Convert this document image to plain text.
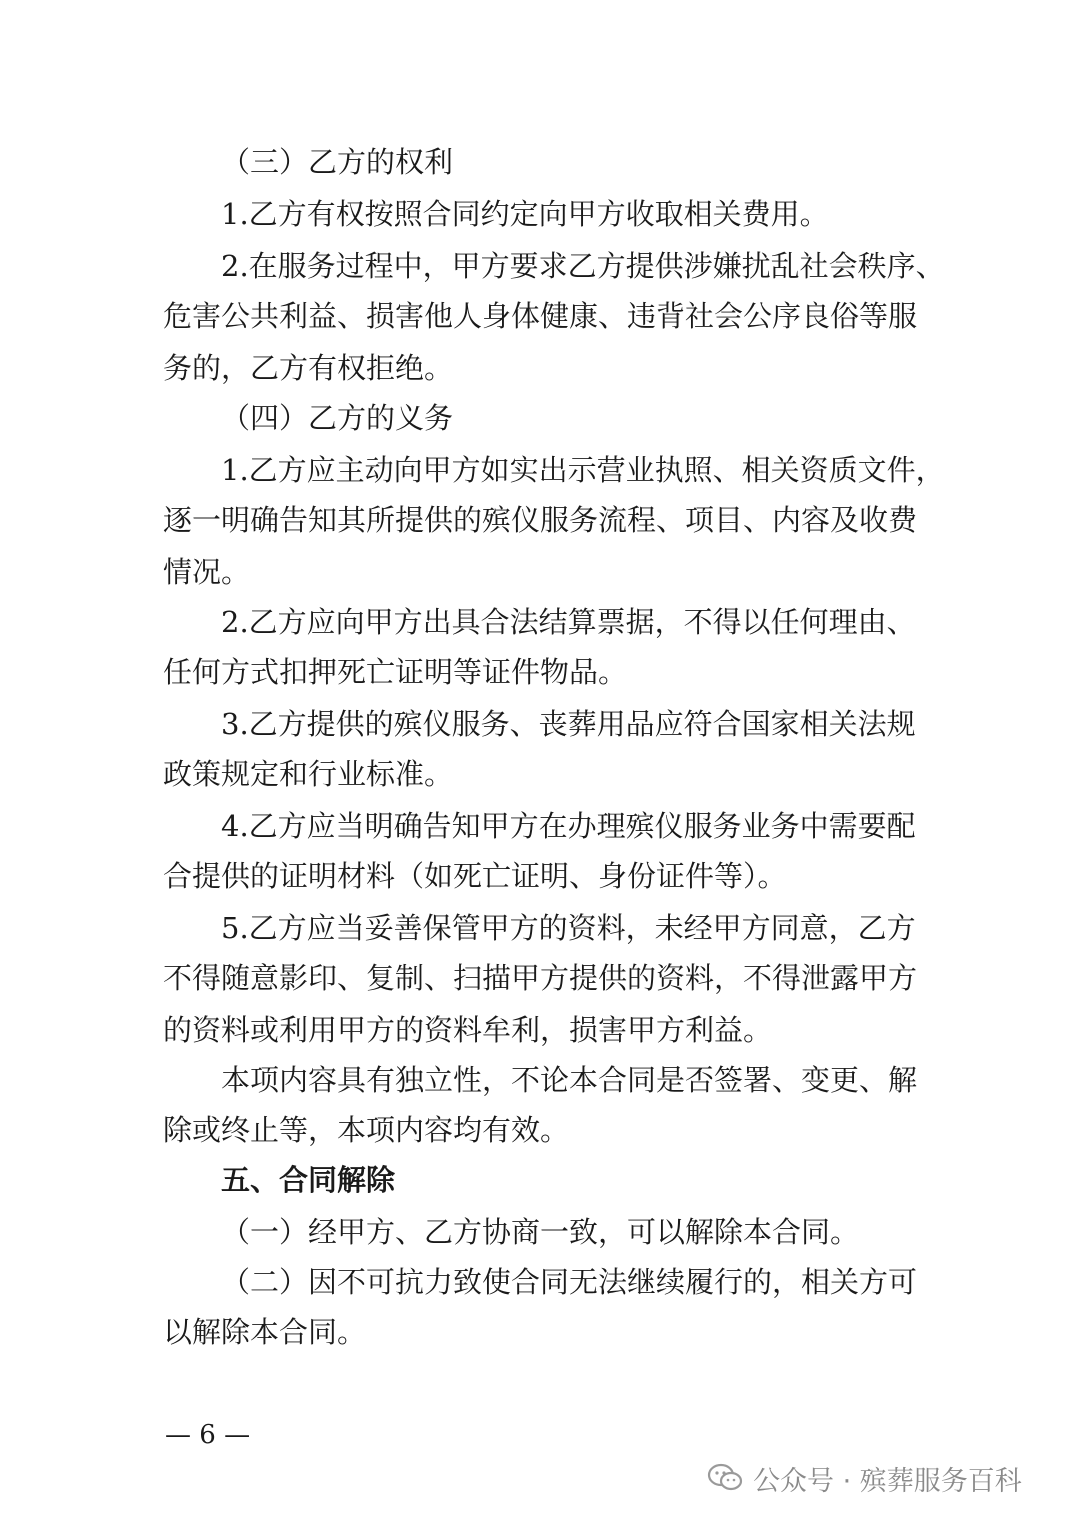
（三）乙方的权利
1.乙方有权按照合同约定向甲方收取相关费用。
2.在服务过程中，甲方要求乙方提供涉嫌扰乱社会秩序、
危害公共利益、损害他人身体健康、违背社会公序良俗等服
务的，乙方有权拒绝。
（四）乙方的义务
1.乙方应主动向甲方如实出示营业执照、相关资质文件，
逐一明确告知其所提供的殡仪服务流程、项目、内容及收费
情况。
2.乙方应向甲方出具合法结算票据，不得以任何理由、
任何方式扣押死亡证明等证件物品。
3.乙方提供的殡仪服务、丧葬用品应符合国家相关法规
政策规定和行业标准。
4.乙方应当明确告知甲方在办理殡仪服务业务中需要配
合提供的证明材料（如死亡证明、身份证件等）。
5.乙方应当妥善保管甲方的资料，未经甲方同意，乙方
不得随意影印、复制、扫描甲方提供的资料，不得泄露甲方
的资料或利用甲方的资料牟利，损害甲方利益。
本项内容具有独立性，不论本合同是否签署、变更、解
除或终止等，本项内容均有效。
五、合同解除
（一）经甲方、乙方协商一致，可以解除本合同。
（二）因不可抗力致使合同无法继续履行的，相关方可
以解除本合同。
— 6 —
公众号 · 殡葬服务百科
